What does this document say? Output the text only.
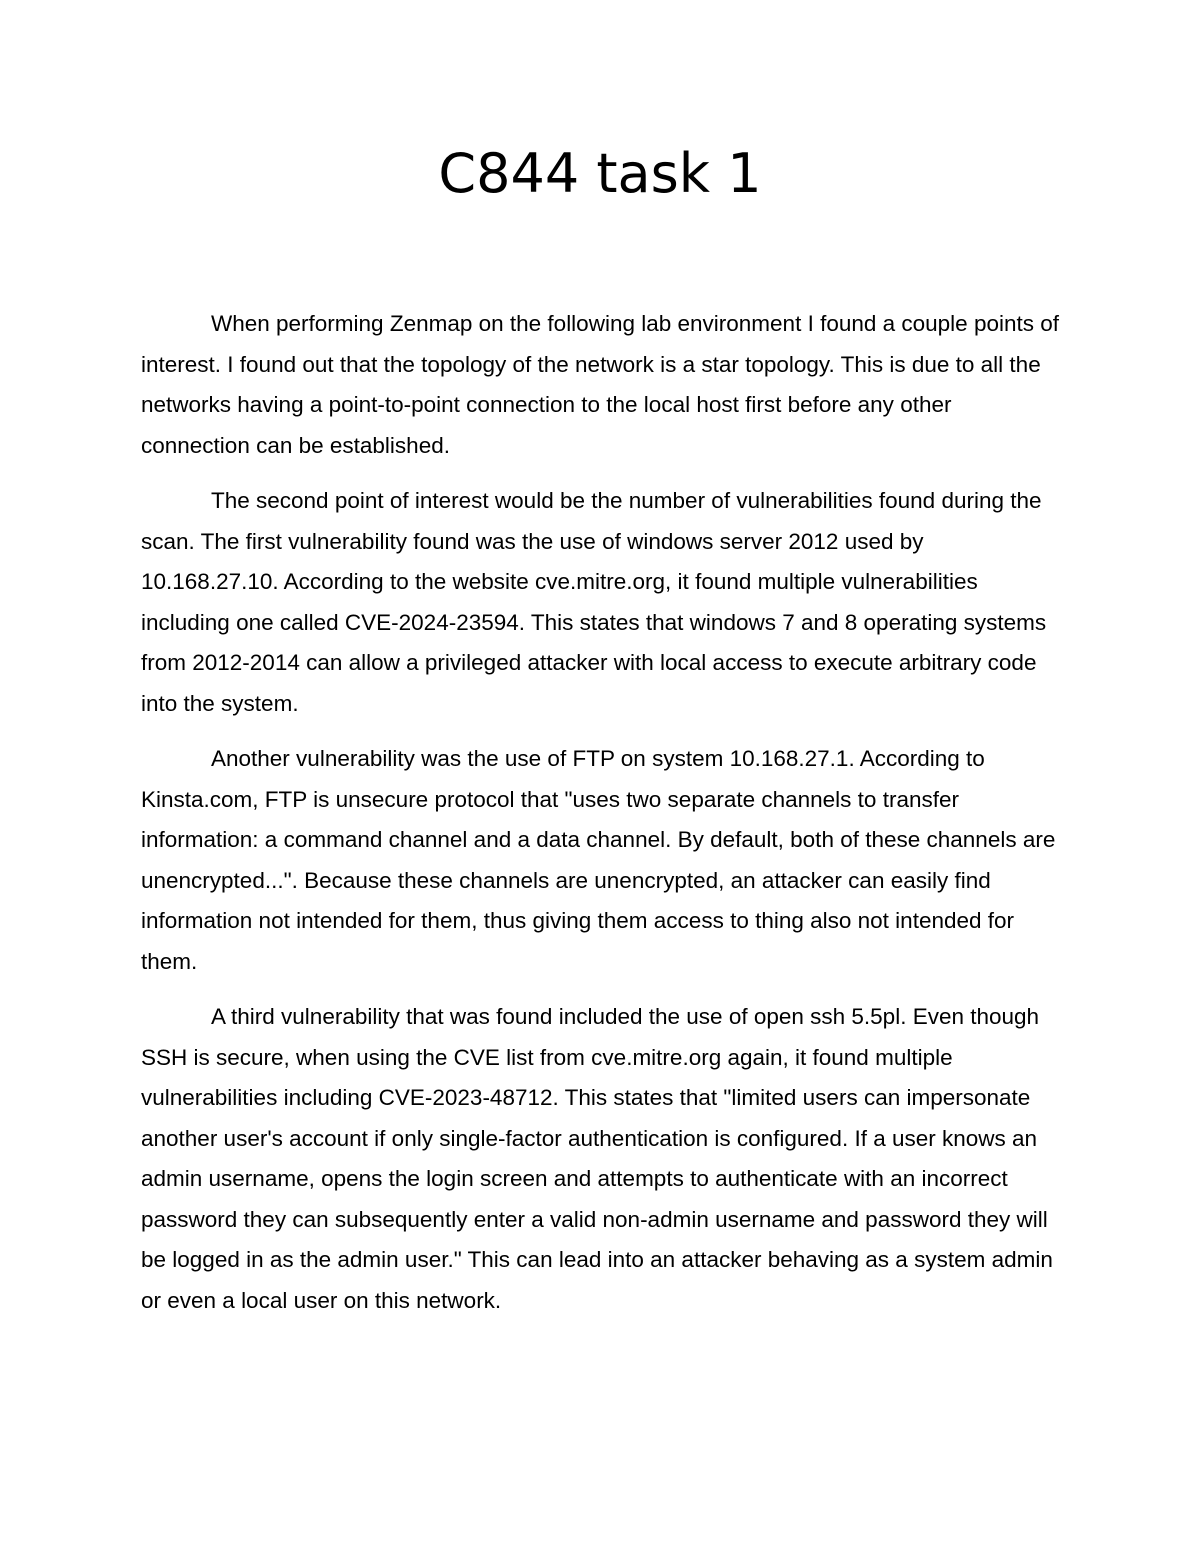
C844 task 1

When performing Zenmap on the following lab environment I found a couple points of interest. I found out that the topology of the network is a star topology. This is due to all the networks having a point-to-point connection to the local host first before any other connection can be established.

The second point of interest would be the number of vulnerabilities found during the scan. The first vulnerability found was the use of windows server 2012 used by 10.168.27.10. According to the website cve.mitre.org, it found multiple vulnerabilities including one called CVE-2024-23594. This states that windows 7 and 8 operating systems from 2012-2014 can allow a privileged attacker with local access to execute arbitrary code into the system.

Another vulnerability was the use of FTP on system 10.168.27.1. According to Kinsta.com, FTP is unsecure protocol that "uses two separate channels to transfer information: a command channel and a data channel. By default, both of these channels are unencrypted...". Because these channels are unencrypted, an attacker can easily find information not intended for them, thus giving them access to thing also not intended for them.

A third vulnerability that was found included the use of open ssh 5.5pl. Even though SSH is secure, when using the CVE list from cve.mitre.org again, it found multiple vulnerabilities including CVE-2023-48712. This states that "limited users can impersonate another user's account if only single-factor authentication is configured. If a user knows an admin username, opens the login screen and attempts to authenticate with an incorrect password they can subsequently enter a valid non-admin username and password they will be logged in as the admin user." This can lead into an attacker behaving as a system admin or even a local user on this network.
